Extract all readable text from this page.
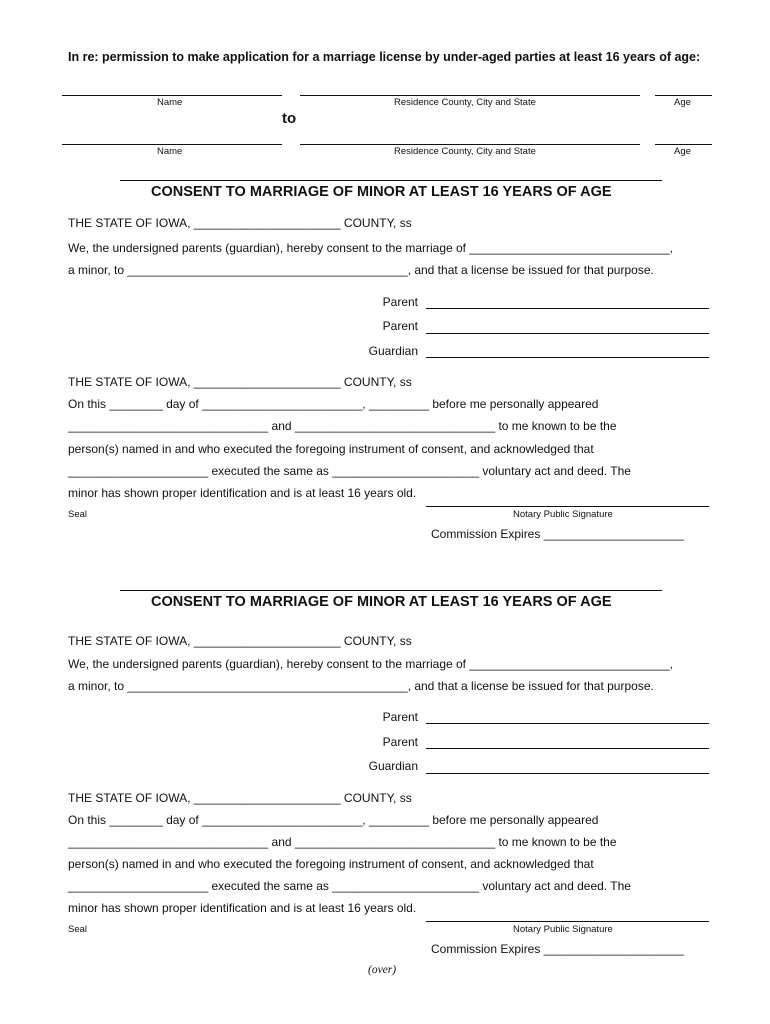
In re: permission to make application for a marriage license by under-aged parties at least 16 years of age:
Name	Residence County, City and State	Age
to
Name	Residence County, City and State	Age
CONSENT TO MARRIAGE OF MINOR AT LEAST 16 YEARS OF AGE
THE STATE OF IOWA, ______________________ COUNTY, ss
We, the undersigned parents (guardian), hereby consent to the marriage of ______________________________,
a minor, to __________________________________________, and that a license be issued for that purpose.
Parent
Parent
Guardian
THE STATE OF IOWA, ______________________ COUNTY, ss
On this ________ day of ________________________, _________ before me personally appeared
______________________________ and ______________________________ to me known to be the
person(s) named in and who executed the foregoing instrument of consent, and acknowledged that
_____________________ executed the same as ______________________ voluntary act and deed. The
minor has shown proper identification and is at least 16 years old.
Seal	Notary Public Signature
Commission Expires _____________________
CONSENT TO MARRIAGE OF MINOR AT LEAST 16 YEARS OF AGE
THE STATE OF IOWA, ______________________ COUNTY, ss
We, the undersigned parents (guardian), hereby consent to the marriage of ______________________________,
a minor, to __________________________________________, and that a license be issued for that purpose.
Parent
Parent
Guardian
THE STATE OF IOWA, ______________________ COUNTY, ss
On this ________ day of ________________________, _________ before me personally appeared
______________________________ and ______________________________ to me known to be the
person(s) named in and who executed the foregoing instrument of consent, and acknowledged that
_____________________ executed the same as ______________________ voluntary act and deed. The
minor has shown proper identification and is at least 16 years old.
Seal	Notary Public Signature
Commission Expires _____________________
(over)
